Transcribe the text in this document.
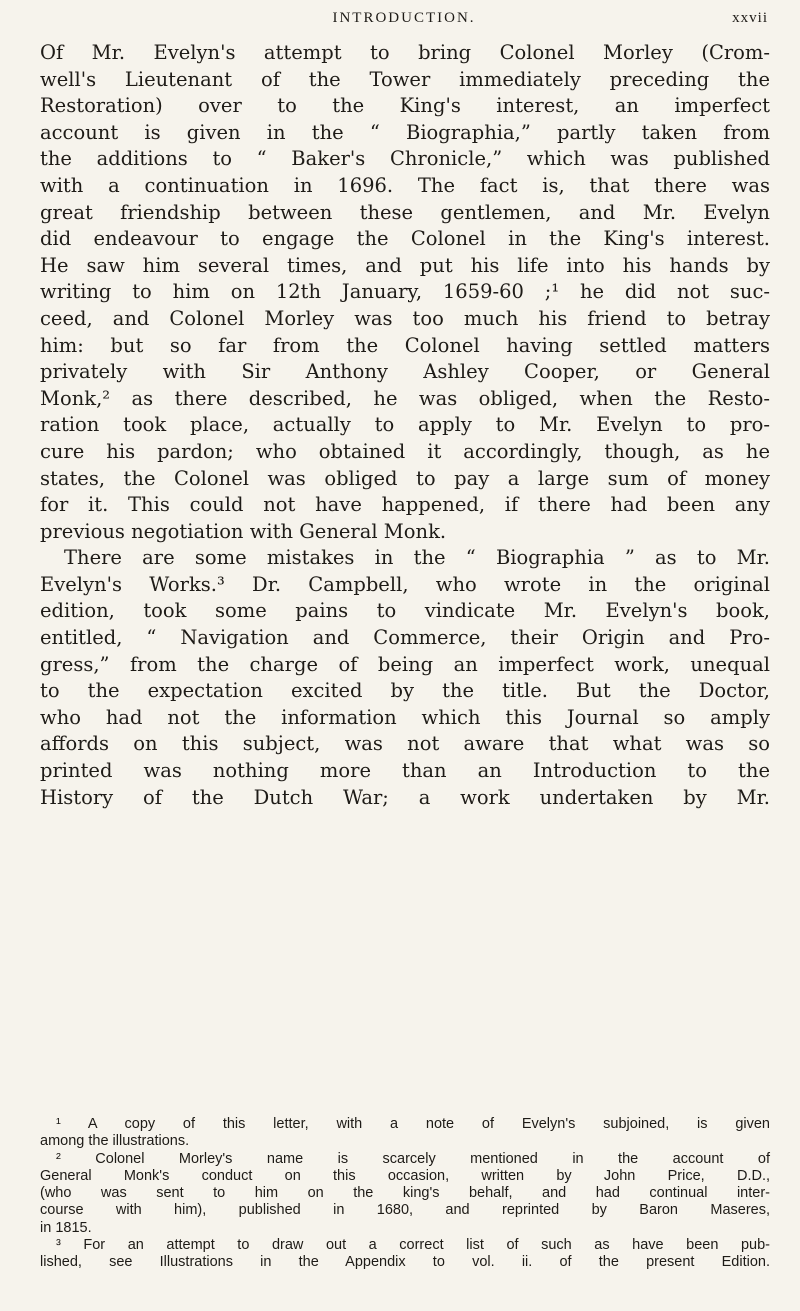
INTRODUCTION.	xxvii
Of Mr. Evelyn's attempt to bring Colonel Morley (Crom-
well's Lieutenant of the Tower immediately preceding the
Restoration) over to the King's interest, an imperfect
account is given in the “ Biographia,” partly taken from
the additions to “ Baker's Chronicle,” which was published
with a continuation in 1696. The fact is, that there was
great friendship between these gentlemen, and Mr. Evelyn
did endeavour to engage the Colonel in the King's interest.
He saw him several times, and put his life into his hands by
writing to him on 12th January, 1659-60 ;¹ he did not suc-
ceed, and Colonel Morley was too much his friend to betray
him: but so far from the Colonel having settled matters
privately with Sir Anthony Ashley Cooper, or General
Monk,² as there described, he was obliged, when the Resto-
ration took place, actually to apply to Mr. Evelyn to pro-
cure his pardon; who obtained it accordingly, though, as he
states, the Colonel was obliged to pay a large sum of money
for it. This could not have happened, if there had been any
previous negotiation with General Monk.
There are some mistakes in the “ Biographia ” as to Mr.
Evelyn's Works.³ Dr. Campbell, who wrote in the original
edition, took some pains to vindicate Mr. Evelyn's book,
entitled, “ Navigation and Commerce, their Origin and Pro-
gress,” from the charge of being an imperfect work, unequal
to the expectation excited by the title. But the Doctor,
who had not the information which this Journal so amply
affords on this subject, was not aware that what was so
printed was nothing more than an Introduction to the
History of the Dutch War; a work undertaken by Mr.
¹ A copy of this letter, with a note of Evelyn's subjoined, is given
among the illustrations.
² Colonel Morley's name is scarcely mentioned in the account of
General Monk's conduct on this occasion, written by John Price, D.D.,
(who was sent to him on the king's behalf, and had continual inter-
course with him), published in 1680, and reprinted by Baron Maseres,
in 1815.
³ For an attempt to draw out a correct list of such as have been pub-
lished, see Illustrations in the Appendix to vol. ii. of the present Edition.
